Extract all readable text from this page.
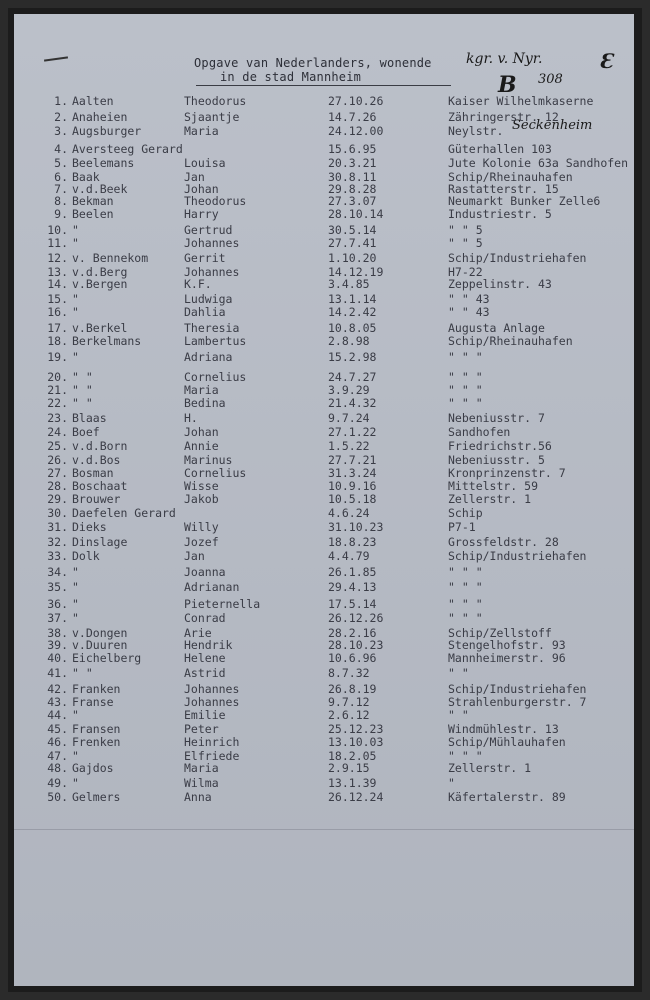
Opgave van Nederlanders, wonende
in de stad Mannheim
kgr. v. Nyr.
B 308
Ɛ
Seckenheim
1. Aalten	Theodorus	27.10.26	Kaiser Wilhelmkaserne
2. Anaheien	Sjaantje	14.7.26	Zähringerstr. 12
3. Augsburger	Maria	24.12.00	Neylstr.
4. Aversteeg Gerard	15.6.95	Güterhallen 103
5. Beelemans	Louisa	20.3.21	Jute Kolonie 63a Sandhofen
6. Baak	Jan	30.8.11	Schip/Rheinauhafen
7. v.d.Beek	Johan	29.8.28	Rastatterstr. 15
8. Bekman	Theodorus	27.3.07	Neumarkt Bunker Zelle6
9. Beelen	Harry	28.10.14	Industriestr. 5
10. "	Gertrud	30.5.14	" " 5
11. "	Johannes	27.7.41	" " 5
12. v. Bennekom	Gerrit	1.10.20	Schip/Industriehafen
13. v.d.Berg	Johannes	14.12.19	H7-22
14. v.Bergen	K.F.	3.4.85	Zeppelinstr. 43
15. "	Ludwiga	13.1.14	" " 43
16. "	Dahlia	14.2.42	" " 43
17. v.Berkel	Theresia	10.8.05	Augusta Anlage
18. Berkelmans	Lambertus	2.8.98	Schip/Rheinauhafen
19. "	Adriana	15.2.98	" " "
20. " "	Cornelius	24.7.27	" " "
21. " "	Maria	3.9.29	" " "
22. " "	Bedina	21.4.32	" " "
23. Blaas	H.	9.7.24	Nebeniusstr. 7
24. Boef	Johan	27.1.22	Sandhofen
25. v.d.Born	Annie	1.5.22	Friedrichstr.56
26. v.d.Bos	Marinus	27.7.21	Nebeniusstr. 5
27. Bosman	Cornelius	31.3.24	Kronprinzenstr. 7
28. Boschaat	Wisse	10.9.16	Mittelstr. 59
29. Brouwer	Jakob	10.5.18	Zellerstr. 1
30. Daefelen Gerard	4.6.24	Schip
31. Dieks	Willy	31.10.23	P7-1
32. Dinslage	Jozef	18.8.23	Grossfeldstr. 28
33. Dolk	Jan	4.4.79	Schip/Industriehafen
34. "	Joanna	26.1.85	" " "
35. "	Adrianan	29.4.13	" " "
36. "	Pieternella	17.5.14	" " "
37. "	Conrad	26.12.26	" " "
38. v.Dongen	Arie	28.2.16	Schip/Zellstoff
39. v.Duuren	Hendrik	28.10.23	Stengelhofstr. 93
40. Eichelberg	Helene	10.6.96	Mannheimerstr. 96
41. " "	Astrid	8.7.32	" "
42. Franken	Johannes	26.8.19	Schip/Industriehafen
43. Franse	Johannes	9.7.12	Strahlenburgerstr. 7
44. "	Emilie	2.6.12	" "
45. Fransen	Peter	25.12.23	Windmühlestr. 13
46. Frenken	Heinrich	13.10.03	Schip/Mühlauhafen
47. "	Elfriede	18.2.05	" " "
48. Gajdos	Maria	2.9.15	Zellerstr. 1
49. "	Wilma	13.1.39	"
50. Gelmers	Anna	26.12.24	Käfertalerstr. 89
